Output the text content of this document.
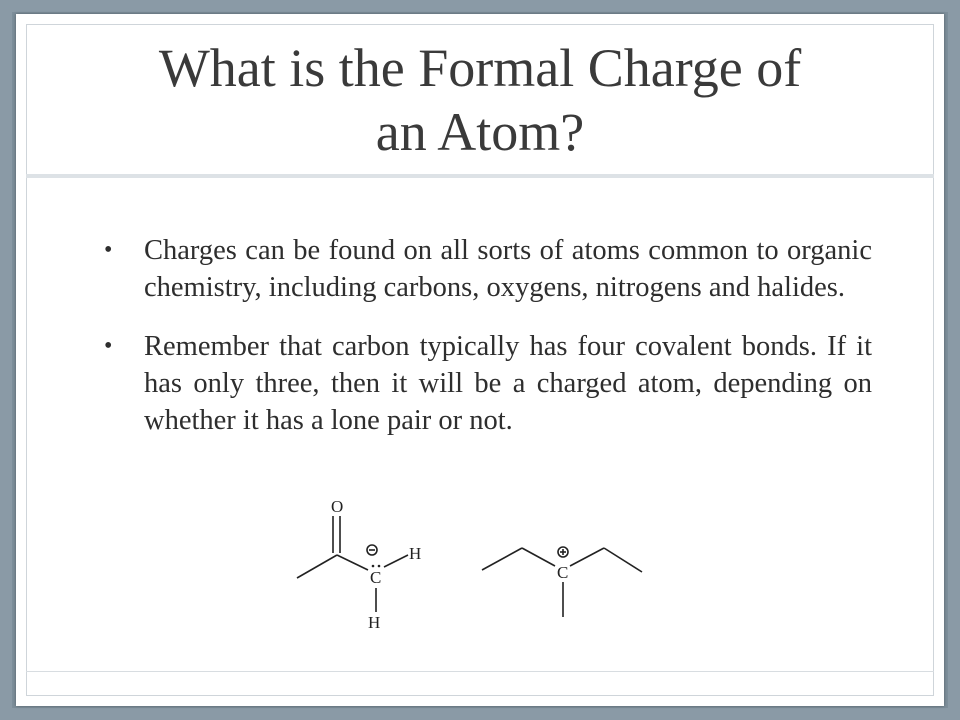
What is the Formal Charge of
an Atom?
• Charges can be found on all sorts of atoms common to organic chemistry, including carbons, oxygens, nitrogens and halides.
• Remember that carbon typically has four covalent bonds. If it has only three, then it will be a charged atom, depending on whether it has a lone pair or not.
O
C
H
H
C
